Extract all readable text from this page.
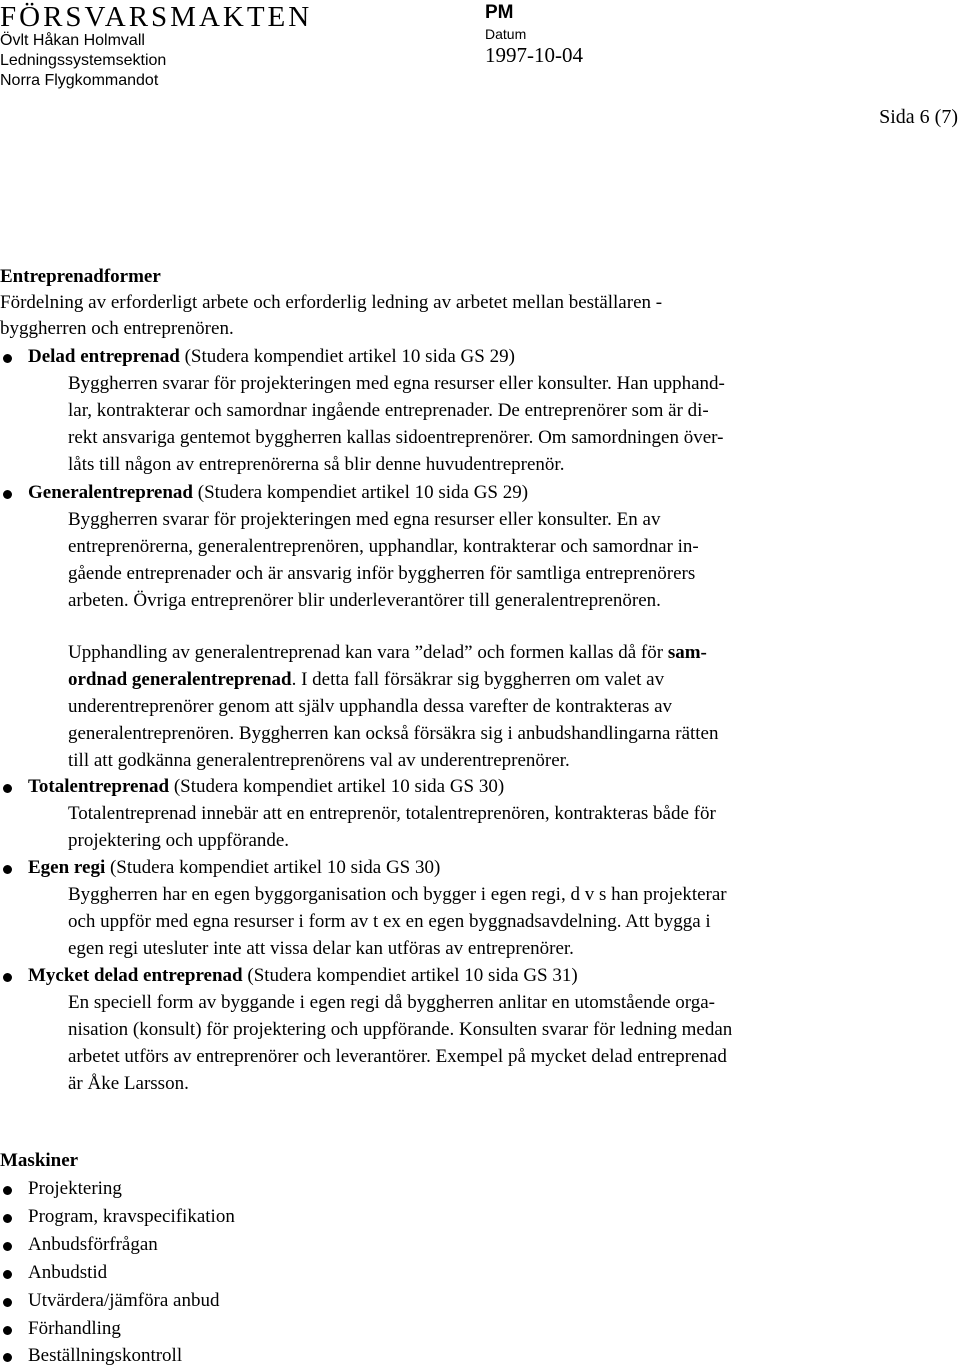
FÖRSVARSMAKTEN
Övlt Håkan Holmvall
Ledningssystemsektion
Norra Flygkommandot
PM
Datum
1997-10-04
Sida 6 (7)
Entreprenadformer
Fördelning av erforderligt arbete och erforderlig ledning av arbetet mellan beställaren -
byggherren och entreprenören.
Delad entreprenad (Studera kompendiet artikel 10 sida GS 29)
Byggherren svarar för projekteringen med egna resurser eller konsulter. Han upphand-
lar, kontrakterar och samordnar ingående entreprenader. De entreprenörer som är di-
rekt ansvariga gentemot byggherren kallas sidoentreprenörer. Om samordningen över-
låts till någon av entreprenörerna så blir denne huvudentreprenör.
Generalentreprenad (Studera kompendiet artikel 10 sida GS 29)
Byggherren svarar för projekteringen med egna resurser eller konsulter. En av
entreprenörerna, generalentreprenören, upphandlar, kontrakterar och samordnar in-
gående entreprenader och är ansvarig inför byggherren för samtliga entreprenörers
arbeten. Övriga entreprenörer blir underleverantörer till generalentreprenören.
Upphandling av generalentreprenad kan vara ”delad” och formen kallas då för sam-
ordnad generalentreprenad. I detta fall försäkrar sig byggherren om valet av
underentreprenörer genom att själv upphandla dessa varefter de kontrakteras av
generalentreprenören. Byggherren kan också försäkra sig i anbudshandlingarna rätten
till att godkänna generalentreprenörens val av underentreprenörer.
Totalentreprenad (Studera kompendiet artikel 10 sida GS 30)
Totalentreprenad innebär att en entreprenör, totalentreprenören, kontrakteras både för
projektering och uppförande.
Egen regi (Studera kompendiet artikel 10 sida GS 30)
Byggherren har en egen byggorganisation och bygger i egen regi, d v s han projekterar
och uppför med egna resurser i form av t ex en egen byggnadsavdelning. Att bygga i
egen regi utesluter inte att vissa delar kan utföras av entreprenörer.
Mycket delad entreprenad (Studera kompendiet artikel 10 sida GS 31)
En speciell form av byggande i egen regi då byggherren anlitar en utomstående orga-
nisation (konsult) för projektering och uppförande. Konsulten svarar för ledning medan
arbetet utförs av entreprenörer och leverantörer. Exempel på mycket delad entreprenad
är Åke Larsson.
Maskiner
Projektering
Program, kravspecifikation
Anbudsförfrågan
Anbudstid
Utvärdera/jämföra anbud
Förhandling
Beställningskontroll
